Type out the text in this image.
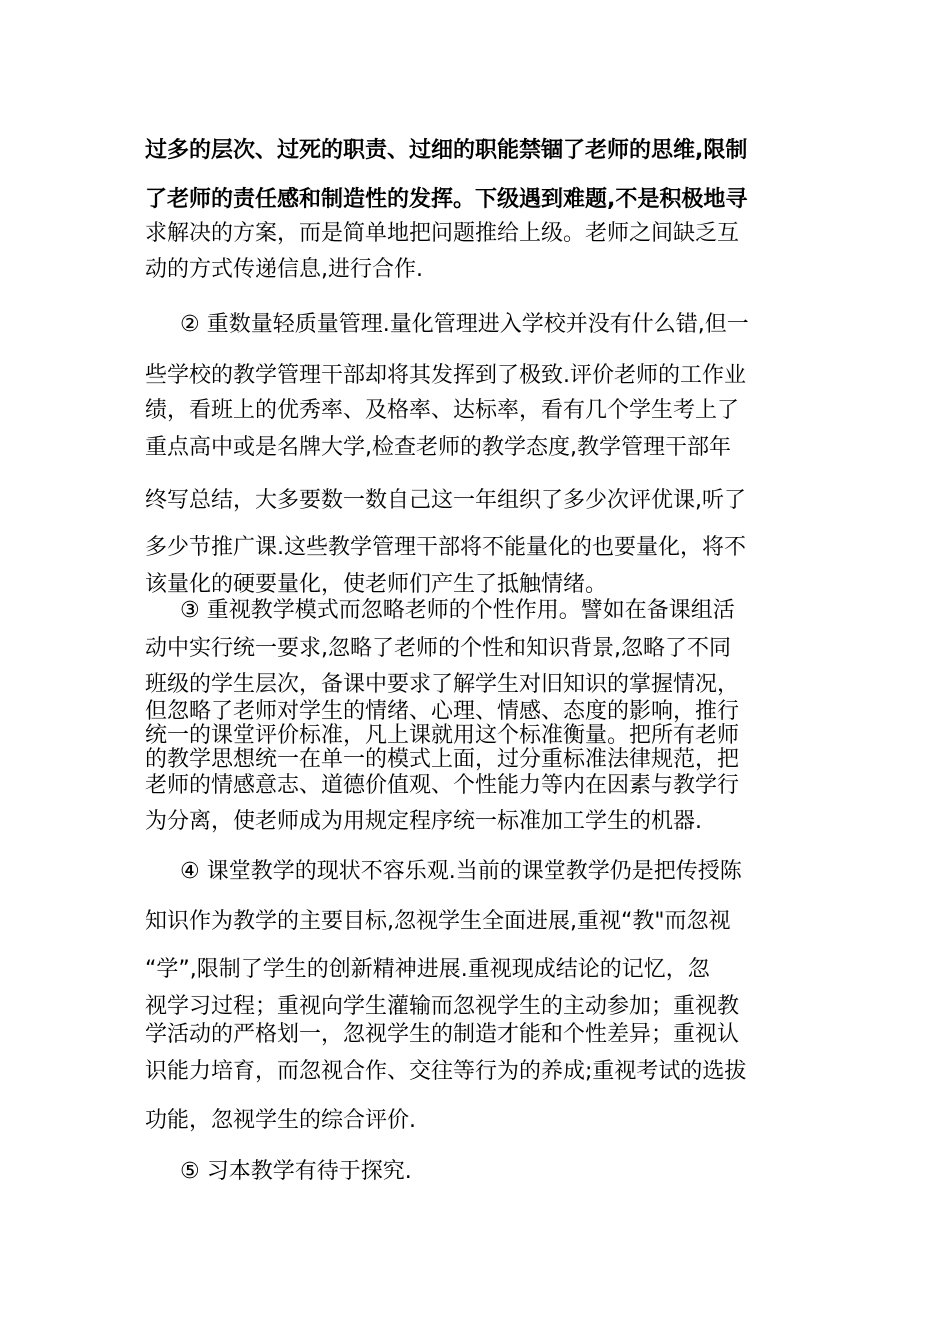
过多的层次、过死的职责、过细的职能禁锢了老师的思维,限制
了老师的责任感和制造性的发挥。下级遇到难题,不是积极地寻
求解决的方案，而是简单地把问题推给上级。老师之间缺乏互
动的方式传递信息,进行合作.
② 重数量轻质量管理.量化管理进入学校并没有什么错,但一
些学校的教学管理干部却将其发挥到了极致.评价老师的工作业
绩，看班上的优秀率、及格率、达标率，看有几个学生考上了
重点高中或是名牌大学,检查老师的教学态度,教学管理干部年
终写总结，大多要数一数自己这一年组织了多少次评优课,听了
多少节推广课.这些教学管理干部将不能量化的也要量化，将不
该量化的硬要量化，使老师们产生了抵触情绪。
③ 重视教学模式而忽略老师的个性作用。譬如在备课组活
动中实行统一要求,忽略了老师的个性和知识背景,忽略了不同
班级的学生层次，备课中要求了解学生对旧知识的掌握情况，
但忽略了老师对学生的情绪、心理、情感、态度的影响，推行
统一的课堂评价标准，凡上课就用这个标准衡量。把所有老师
的教学思想统一在单一的模式上面，过分重标准法律规范，把
老师的情感意志、道德价值观、个性能力等内在因素与教学行
为分离，使老师成为用规定程序统一标准加工学生的机器.
④ 课堂教学的现状不容乐观.当前的课堂教学仍是把传授陈
知识作为教学的主要目标,忽视学生全面进展,重视“教"而忽视
“学”,限制了学生的创新精神进展.重视现成结论的记忆，忽
视学习过程；重视向学生灌输而忽视学生的主动参加；重视教
学活动的严格划一，忽视学生的制造才能和个性差异；重视认
识能力培育，而忽视合作、交往等行为的养成;重视考试的选拔
功能，忽视学生的综合评价.
⑤ 习本教学有待于探究.
